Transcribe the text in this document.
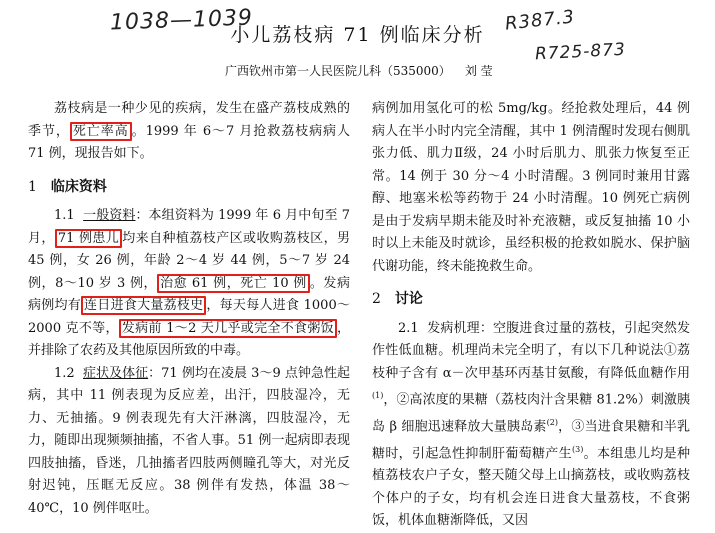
1038—1039	R387.3
R725-873
小儿荔枝病 71 例临床分析
广西钦州市第一人民医院儿科（535000） 刘 莹

荔枝病是一种少见的疾病，发生在盛产荔枝成熟的季节， 死亡率高 。1999 年 6～7 月抢救荔枝病病人 71 例，现报告如下。

1 临床资料

1.1 一般资料：本组资料为 1999 年 6 月中旬至 7 月， 71 例患儿 均来自种植荔枝产区或收购荔枝区，男 45 例，女 26 例，年龄 2～4 岁 44 例，5～7 岁 24 例，8～10 岁 3 例， 治愈 61 例，死亡 10 例 。发病病例均有 连日进食大量荔枝史 ，每天每人进食 1000～2000 克不等， 发病前 1～2 天几乎或完全不食粥饭 ，并排除了农药及其他原因所致的中毒。

1.2 症状及体征：71 例均在凌晨 3～9 点钟急性起病，其中 11 例表现为反应差，出汗，四肢湿冷，无力、无抽搐。9 例表现先有大汗淋漓，四肢湿冷，无力，随即出现频频抽搐，不省人事。51 例一起病即表现四肢抽搐，昏迷，几抽搐者四肢两侧瞳孔等大，对光反射迟钝，压眶无反应。38 例伴有发热，体温 38～40℃，10 例伴呕吐。

病例加用氢化可的松 5mg/kg。经抢救处理后，44 例病人在半小时内完全清醒，其中 1 例清醒时发现右侧肌张力低、肌力Ⅱ级，24 小时后肌力、肌张力恢复至正常。14 例于 30 分～4 小时清醒。3 例同时兼用甘露醇、地塞米松等药物于 24 小时清醒。10 例死亡病例是由于发病早期未能及时补充液糖，或反复抽搐 10 小时以上未能及时就诊，虽经积极的抢救如脱水、保护脑代谢功能，终未能挽救生命。

2 讨论

2.1 发病机理：空腹进食过量的荔枝，引起突然发作性低血糖。机理尚未完全明了，有以下几种说法①荔枝种子含有 α－次甲基环丙基甘氨酸，有降低血糖作用$^{(1)}$，②高浓度的果糖（荔枝肉汁含果糖 81.2%）刺激胰岛 β 细胞迅速释放大量胰岛素$^{(2)}$，③当进食果糖和半乳糖时，引起急性抑制肝葡萄糖产生$^{(3)}$。本组患儿均是种植荔枝农户子女，整天随父母上山摘荔枝，或收购荔枝个体户的子女，均有机会连日进食大量荔枝，不食粥饭，机体血糖渐降低，又因
